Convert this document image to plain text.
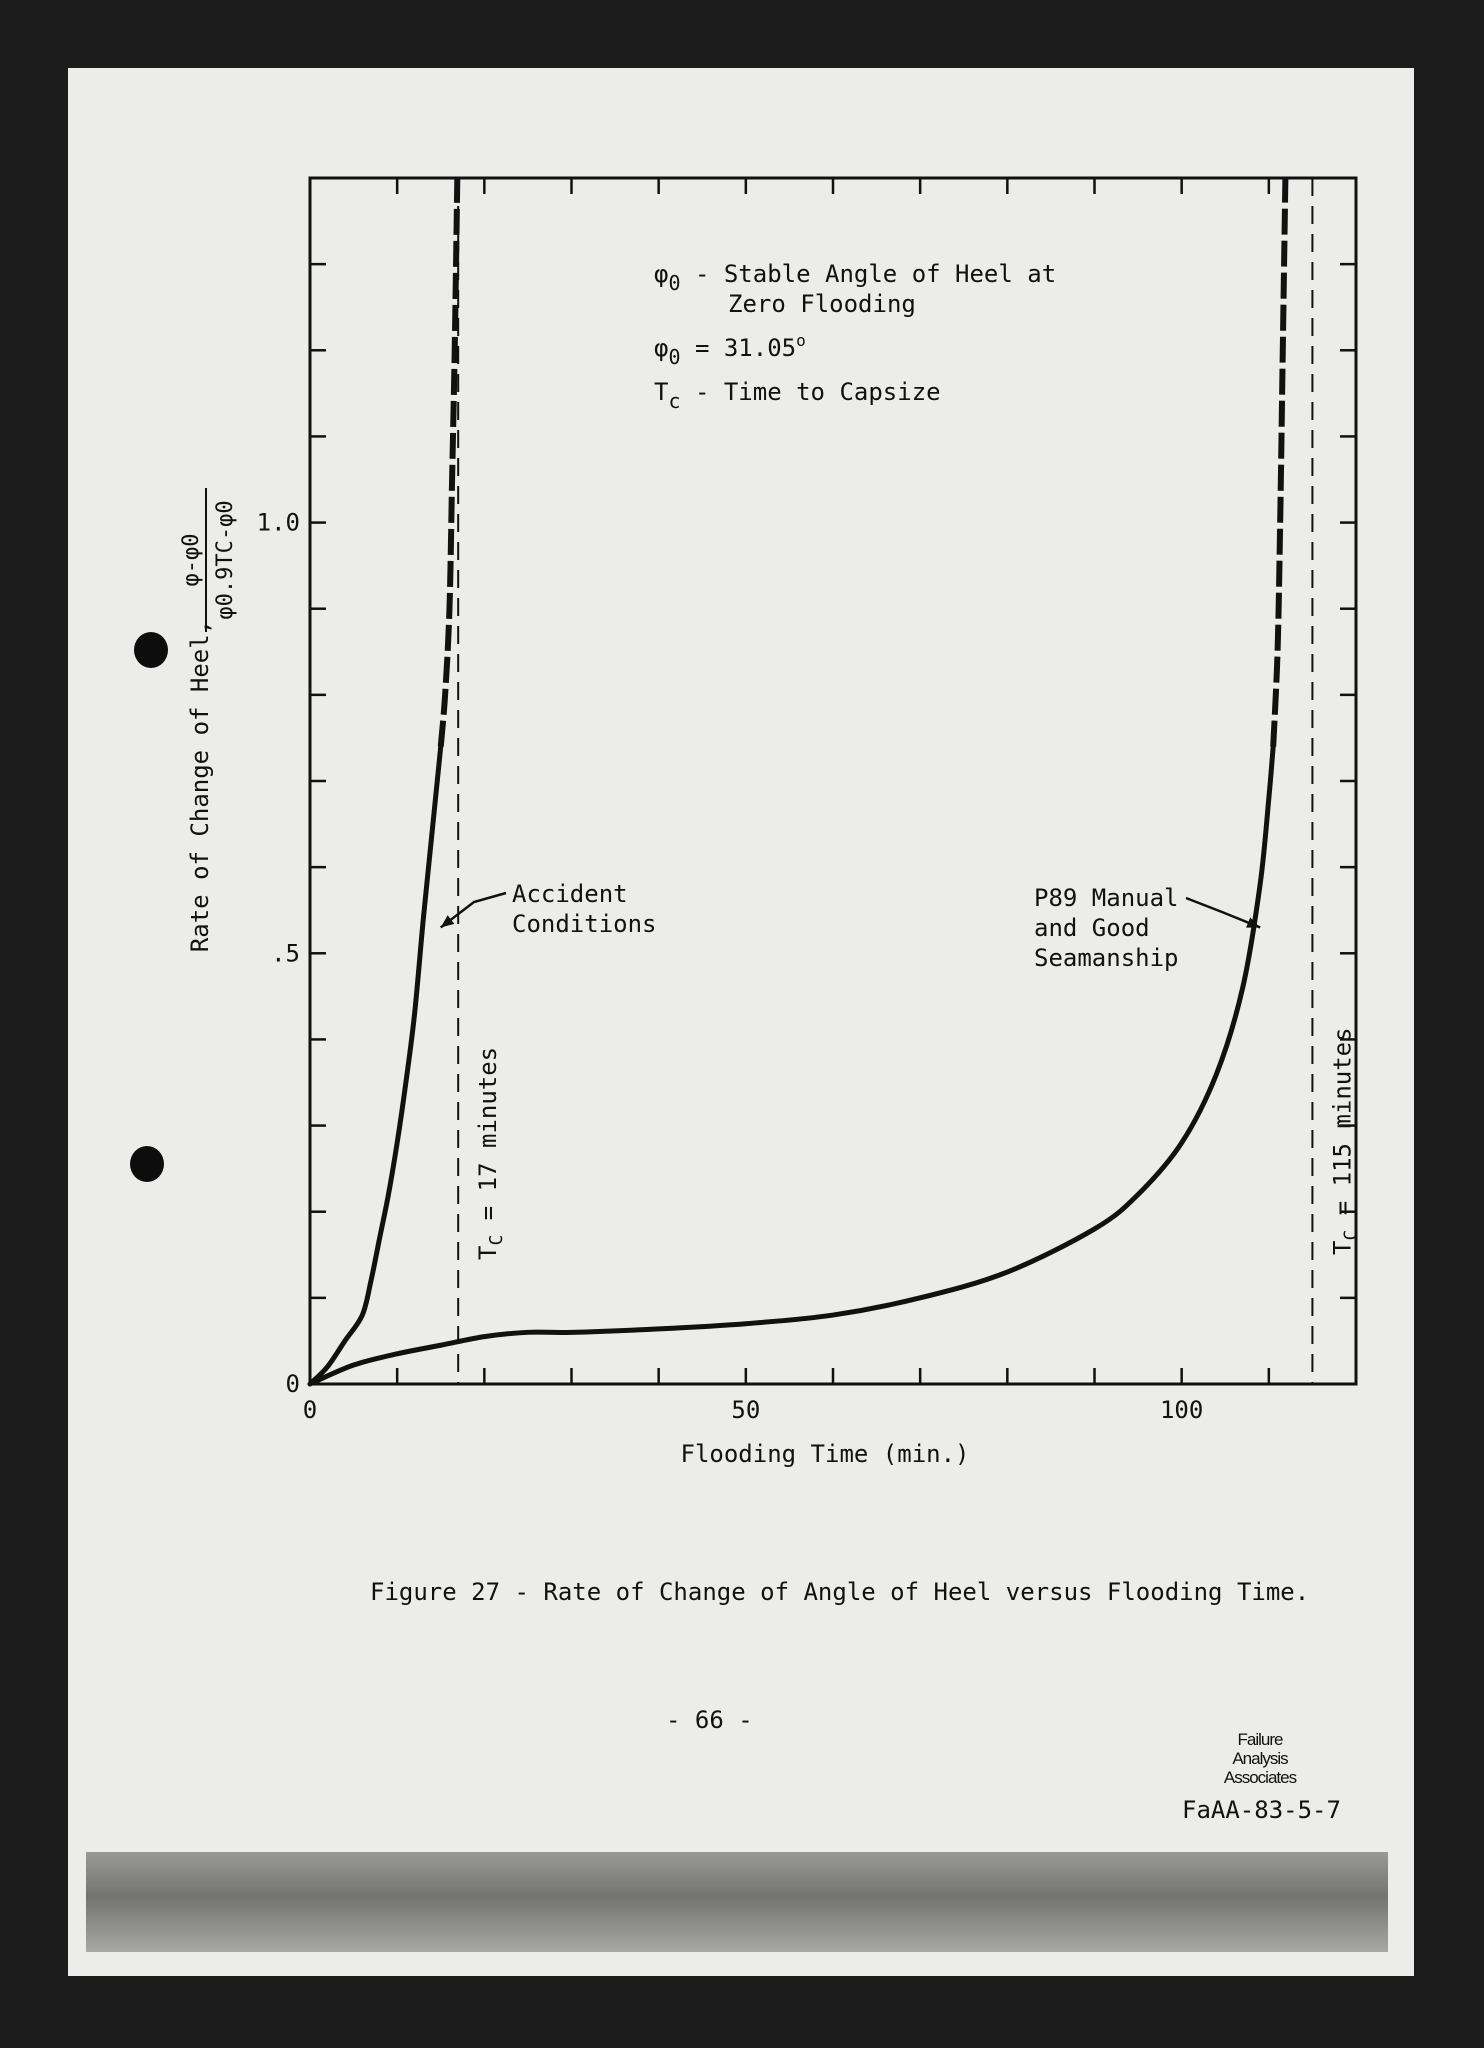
0	50	100
0
.5
1.0
Flooding Time (min.)
Rate of Change of Heel,
φ-φ0 φ0.9TC-φ0
$T_C = 17$ minutes
$T_C = 115$ minutes
$\varphi_0$ - Stable Angle of Heel at
Zero Flooding
$\varphi_0 = 31.05^o$
$T_c$ - Time to Capsize
Accident
Conditions
P89 Manual
and Good
Seamanship
Figure 27 - Rate of Change of Angle of Heel versus Flooding Time.
- 66 -
Failure
Analysis
Associates
FaAA-83-5-7
